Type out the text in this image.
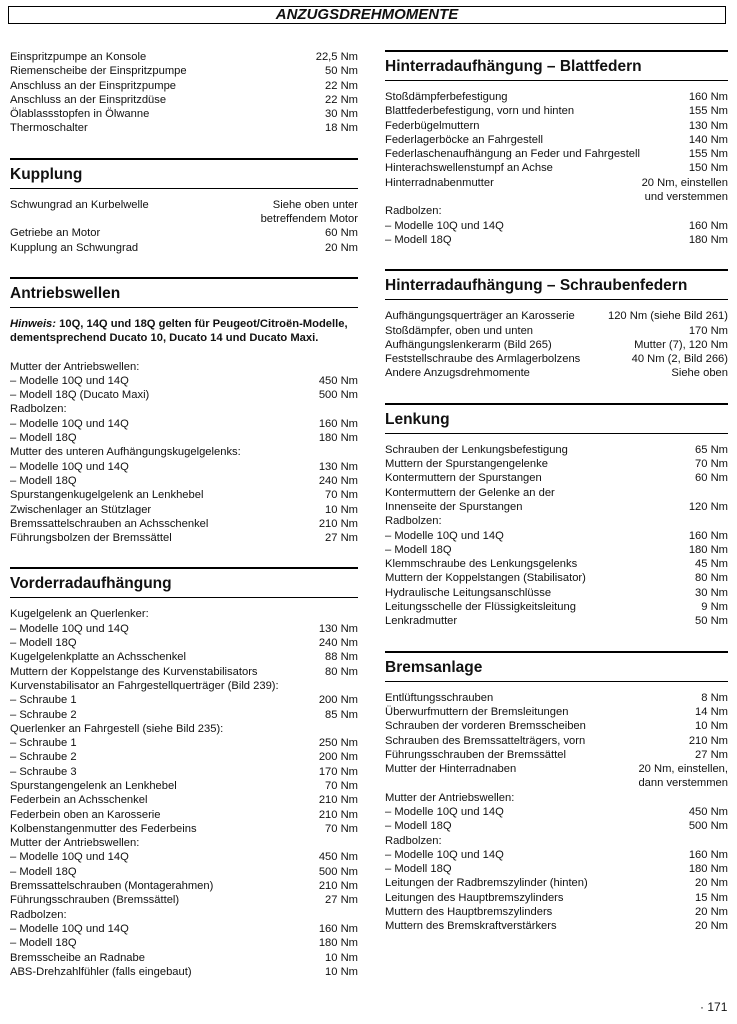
ANZUGSDREHMOMENTE
Einspritzpumpe an Konsole	22,5 Nm
Riemenscheibe der Einspritzpumpe	50 Nm
Anschluss an der Einspritzpumpe	22 Nm
Anschluss an der Einspritzdüse	22 Nm
Ölablassstopfen in Ölwanne	30 Nm
Thermoschalter	18 Nm
Kupplung
Schwungrad an Kurbelwelle	Siehe oben unter
betreffendem Motor
Getriebe an Motor	60 Nm
Kupplung an Schwungrad	20 Nm
Antriebswellen
Hinweis: 10Q, 14Q und 18Q gelten für Peugeot/Citroën-Modelle, dementsprechend Ducato 10, Ducato 14 und Ducato Maxi.
Mutter der Antriebswellen:
– Modelle 10Q und 14Q	450 Nm
– Modell 18Q (Ducato Maxi)	500 Nm
Radbolzen:
– Modelle 10Q und 14Q	160 Nm
– Modell 18Q	180 Nm
Mutter des unteren Aufhängungskugelgelenks:
– Modelle 10Q und 14Q	130 Nm
– Modell 18Q	240 Nm
Spurstangenkugelgelenk an Lenkhebel	70 Nm
Zwischenlager an Stützlager	10 Nm
Bremssattelschrauben an Achsschenkel	210 Nm
Führungsbolzen der Bremssättel	27 Nm
Vorderradaufhängung
Kugelgelenk an Querlenker:
– Modelle 10Q und 14Q	130 Nm
– Modell 18Q	240 Nm
Kugelgelenkplatte an Achsschenkel	88 Nm
Muttern der Koppelstange des Kurvenstabilisators	80 Nm
Kurvenstabilisator an Fahrgestellquerträger (Bild 239):
– Schraube 1	200 Nm
– Schraube 2	85 Nm
Querlenker an Fahrgestell (siehe Bild 235):
– Schraube 1	250 Nm
– Schraube 2	200 Nm
– Schraube 3	170 Nm
Spurstangengelenk an Lenkhebel	70 Nm
Federbein an Achsschenkel	210 Nm
Federbein oben an Karosserie	210 Nm
Kolbenstangenmutter des Federbeins	70 Nm
Mutter der Antriebswellen:
– Modelle 10Q und 14Q	450 Nm
– Modell 18Q	500 Nm
Bremssattelschrauben (Montagerahmen)	210 Nm
Führungsschrauben (Bremssättel)	27 Nm
Radbolzen:
– Modelle 10Q und 14Q	160 Nm
– Modell 18Q	180 Nm
Bremsscheibe an Radnabe	10 Nm
ABS-Drehzahlfühler (falls eingebaut)	10 Nm
Hinterradaufhängung – Blattfedern
Stoßdämpferbefestigung	160 Nm
Blattfederbefestigung, vorn und hinten	155 Nm
Federbügelmuttern	130 Nm
Federlagerböcke an Fahrgestell	140 Nm
Federlaschenaufhängung an Feder und Fahrgestell	155 Nm
Hinterachswellenstumpf an Achse	150 Nm
Hinterradnabenmutter	20 Nm, einstellen
und verstemmen
Radbolzen:
– Modelle 10Q und 14Q	160 Nm
– Modell 18Q	180 Nm
Hinterradaufhängung – Schraubenfedern
Aufhängungsquerträger an Karosserie	120 Nm (siehe Bild 261)
Stoßdämpfer, oben und unten	170 Nm
Aufhängungslenkerarm (Bild 265)	Mutter (7), 120 Nm
Feststellschraube des Armlagerbolzens	40 Nm (2, Bild 266)
Andere Anzugsdrehmomente	Siehe oben
Lenkung
Schrauben der Lenkungsbefestigung	65 Nm
Muttern der Spurstangengelenke	70 Nm
Kontermuttern der Spurstangen	60 Nm
Kontermuttern der Gelenke an der
Innenseite der Spurstangen	120 Nm
Radbolzen:
– Modelle 10Q und 14Q	160 Nm
– Modell 18Q	180 Nm
Klemmschraube des Lenkungsgelenks	45 Nm
Muttern der Koppelstangen (Stabilisator)	80 Nm
Hydraulische Leitungsanschlüsse	30 Nm
Leitungsschelle der Flüssigkeitsleitung	9 Nm
Lenkradmutter	50 Nm
Bremsanlage
Entlüftungsschrauben	8 Nm
Überwurfmuttern der Bremsleitungen	14 Nm
Schrauben der vorderen Bremsscheiben	10 Nm
Schrauben des Bremssattelträgers, vorn	210 Nm
Führungsschrauben der Bremssättel	27 Nm
Mutter der Hinterradnaben	20 Nm, einstellen,
dann verstemmen
Mutter der Antriebswellen:
– Modelle 10Q und 14Q	450 Nm
– Modell 18Q	500 Nm
Radbolzen:
– Modelle 10Q und 14Q	160 Nm
– Modell 18Q	180 Nm
Leitungen der Radbremszylinder (hinten)	20 Nm
Leitungen des Hauptbremszylinders	15 Nm
Muttern des Hauptbremszylinders	20 Nm
Muttern des Bremskraftverstärkers	20 Nm
· 171
